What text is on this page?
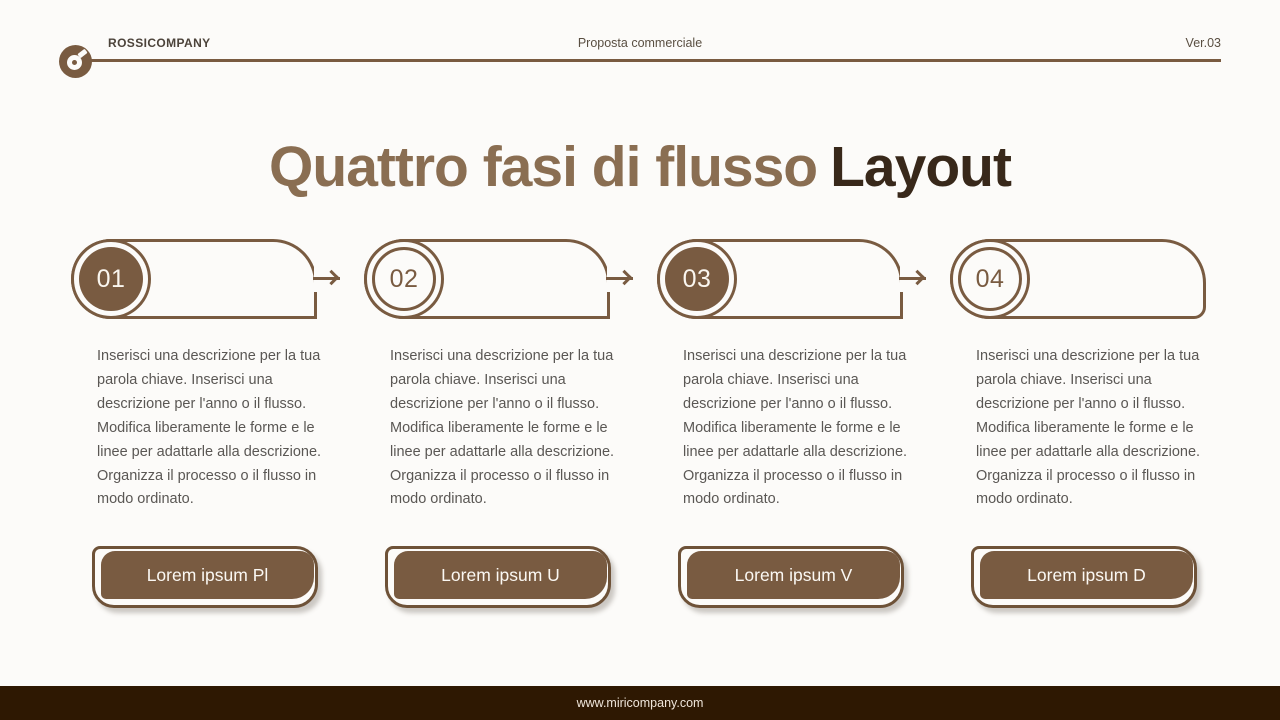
ROSSICOMPANY	Proposta commerciale	Ver.03
Quattro fasi di flusso Layout
01

Inserisci una descrizione per la tua parola chiave. Inserisci una descrizione per l'anno o il flusso. Modifica liberamente le forme e le linee per adattarle alla descrizione. Organizza il processo o il flusso in modo ordinato.

Lorem ipsum Pl
02

Inserisci una descrizione per la tua parola chiave. Inserisci una descrizione per l'anno o il flusso. Modifica liberamente le forme e le linee per adattarle alla descrizione. Organizza il processo o il flusso in modo ordinato.

Lorem ipsum U
03

Inserisci una descrizione per la tua parola chiave. Inserisci una descrizione per l'anno o il flusso. Modifica liberamente le forme e le linee per adattarle alla descrizione. Organizza il processo o il flusso in modo ordinato.

Lorem ipsum V
04

Inserisci una descrizione per la tua parola chiave. Inserisci una descrizione per l'anno o il flusso. Modifica liberamente le forme e le linee per adattarle alla descrizione. Organizza il processo o il flusso in modo ordinato.

Lorem ipsum D
www.miricompany.com
